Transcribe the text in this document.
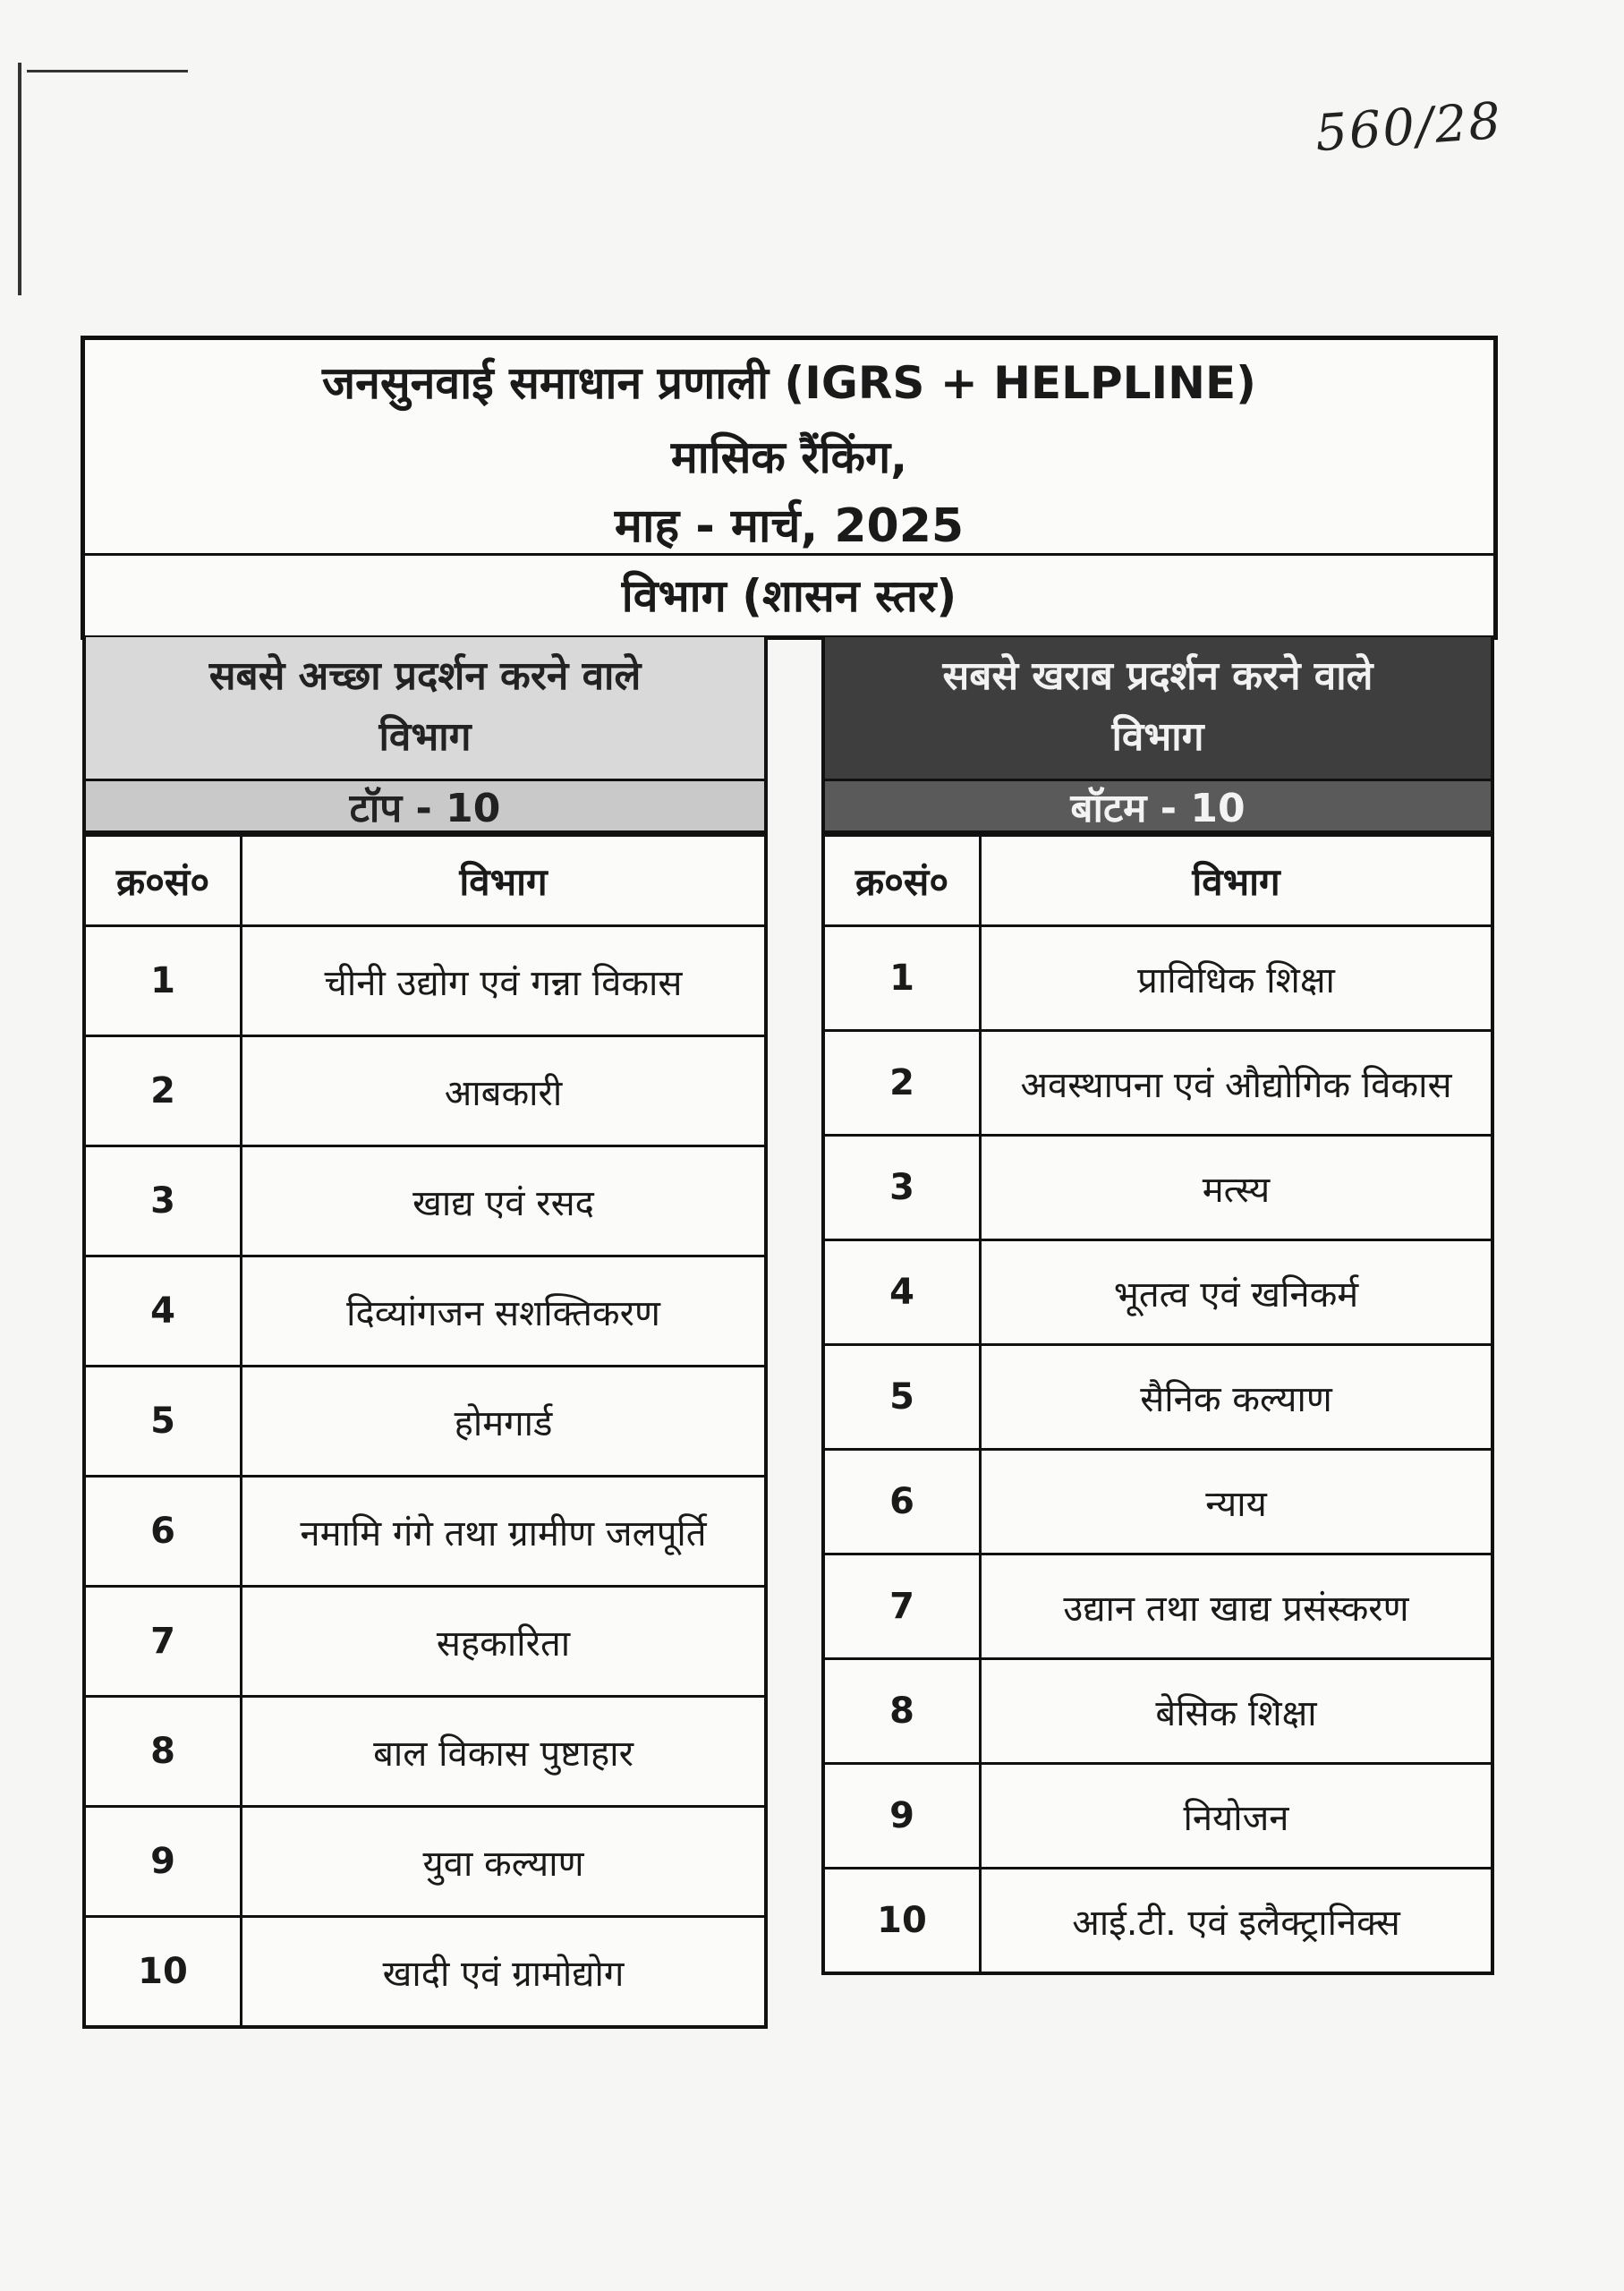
560/28
जनसुनवाई समाधान प्रणाली (IGRS + HELPLINE)
मासिक रैंकिंग,
माह - मार्च, 2025
विभाग (शासन स्तर)
सबसे अच्छा प्रदर्शन करने वाले
विभाग
टॉप - 10
क्र०सं०	विभाग
1	चीनी उद्योग एवं गन्ना विकास
2	आबकारी
3	खाद्य एवं रसद
4	दिव्यांगजन सशक्तिकरण
5	होमगार्ड
6	नमामि गंगे तथा ग्रामीण जलपूर्ति
7	सहकारिता
8	बाल विकास पुष्टाहार
9	युवा कल्याण
10	खादी एवं ग्रामोद्योग
सबसे खराब प्रदर्शन करने वाले
विभाग
बॉटम - 10
क्र०सं०	विभाग
1	प्राविधिक शिक्षा
2	अवस्थापना एवं औद्योगिक विकास
3	मत्स्य
4	भूतत्व एवं खनिकर्म
5	सैनिक कल्याण
6	न्याय
7	उद्यान तथा खाद्य प्रसंस्करण
8	बेसिक शिक्षा
9	नियोजन
10	आई.टी. एवं इलैक्ट्रानिक्स
